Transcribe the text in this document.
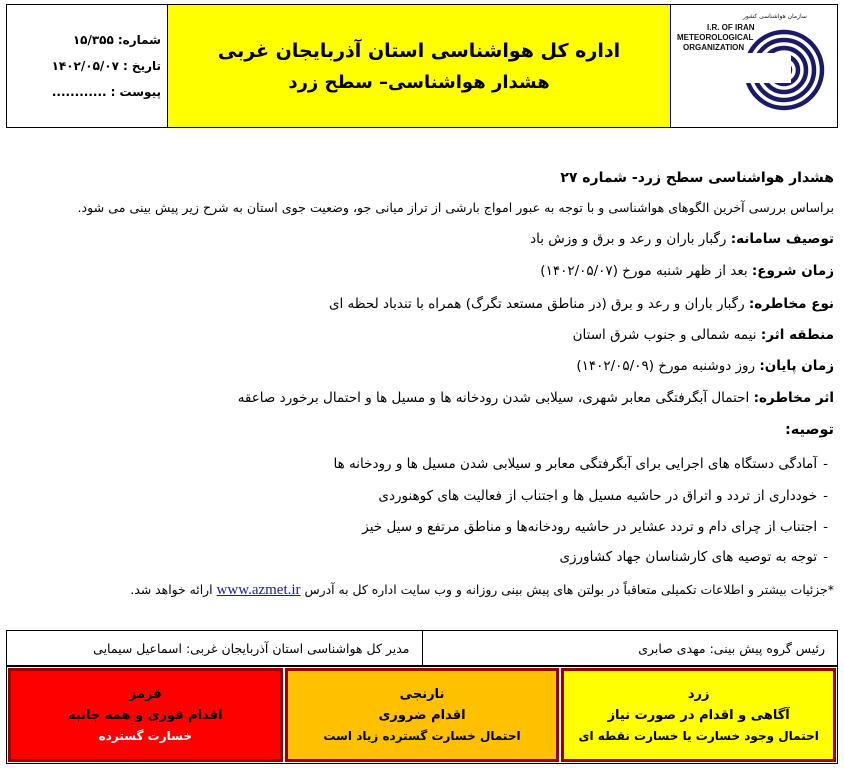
سازمان هواشناسی کشور
I.R. OF IRAN
METEOROLOGICAL
ORGANIZATION
اداره کل هواشناسی استان آذربایجان غربی
هشدار هواشناسی– سطح زرد
شماره:۱۵/۳۵۵
تاریخ :۱۴۰۲/۰۵/۰۷
پیوست :............
هشدار هواشناسی سطح زرد- شماره ۲۷
براساس بررسی آخرین الگوهای هواشناسی و با توجه به عبور امواج بارشی از تراز میانی جو، وضعیت جوی استان به شرح زیر پیش بینی می شود.
توصیف سامانه: رگبار باران و رعد و برق و وزش باد
زمان شروع: بعد از ظهر شنبه مورخ (۱۴۰۲/۰۵/۰۷)
نوع مخاطره: رگبار باران و رعد و برق (در مناطق مستعد تگرگ) همراه با تندباد لحظه ای
منطقه اثر: نیمه شمالی و جنوب شرق استان
زمان پایان: روز دوشنبه مورخ (۱۴۰۲/۰۵/۰۹)
اثر مخاطره: احتمال آبگرفتگی معابر شهری، سیلابی شدن رودخانه ها و مسیل ها و احتمال برخورد صاعقه
توصیه:
-آمادگی دستگاه های اجرایی برای آبگرفتگی معابر و سیلابی شدن مسیل ها و رودخانه ها
-خودداری از تردد و اتراق در حاشیه مسیل ها و اجتناب از فعالیت های کوهنوردی
-اجتناب از چرای دام و تردد عشایر در حاشیه رودخانه‌ها و مناطق مرتفع و سیل خیز
-توجه به توصیه های کارشناسان جهاد کشاورزی
*جزئیات بیشتر و اطلاعات تکمیلی متعاقباً در بولتن های پیش بینی روزانه و وب سایت اداره کل به آدرس www.azmet.ir ارائه خواهد شد.
رئیس گروه پیش بینی: مهدی صابری
مدیر کل هواشناسی استان آذربایجان غربی: اسماعیل سیمایی
زرد
آگاهی و اقدام در صورت نیاز
احتمال وجود خسارت یا خسارت نقطه ای
نارنجی
اقدام ضروری
احتمال خسارت گسترده زیاد است
قرمز
اقدام فوری و همه جانبه
خسارت گسترده
